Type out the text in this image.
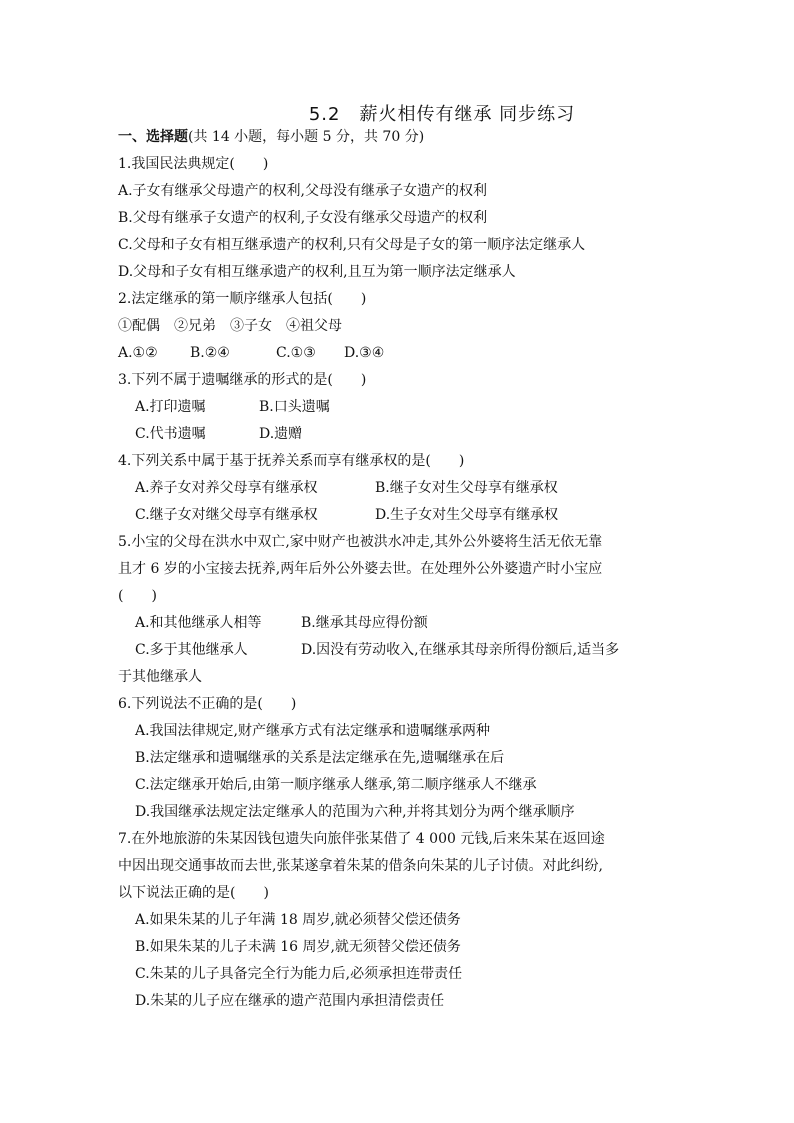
5.2　薪火相传有继承 同步练习
一、选择题(共 14 小题，每小题 5 分，共 70 分)
1.我国民法典规定(　　)
A.子女有继承父母遗产的权利,父母没有继承子女遗产的权利
B.父母有继承子女遗产的权利,子女没有继承父母遗产的权利
C.父母和子女有相互继承遗产的权利,只有父母是子女的第一顺序法定继承人
D.父母和子女有相互继承遗产的权利,且互为第一顺序法定继承人
2.法定继承的第一顺序继承人包括(　　)
①配偶　②兄弟　③子女　④祖父母
A.①② B.②④	C.①③ D.③④
3.下列不属于遗嘱继承的形式的是(　　)
A.打印遗嘱	B.口头遗嘱
C.代书遗嘱	D.遗赠
4.下列关系中属于基于抚养关系而享有继承权的是(　　)
A.养子女对养父母享有继承权	B.继子女对生父母享有继承权
C.继子女对继父母享有继承权	D.生子女对生父母享有继承权
5.小宝的父母在洪水中双亡,家中财产也被洪水冲走,其外公外婆将生活无依无靠
且才 6 岁的小宝接去抚养,两年后外公外婆去世。在处理外公外婆遗产时小宝应
(　　)
A.和其他继承人相等	B.继承其母应得份额
C.多于其他继承人	D.因没有劳动收入,在继承其母亲所得份额后,适当多
于其他继承人
6.下列说法不正确的是(　　)
A.我国法律规定,财产继承方式有法定继承和遗嘱继承两种
B.法定继承和遗嘱继承的关系是法定继承在先,遗嘱继承在后
C.法定继承开始后,由第一顺序继承人继承,第二顺序继承人不继承
D.我国继承法规定法定继承人的范围为六种,并将其划分为两个继承顺序
7.在外地旅游的朱某因钱包遗失向旅伴张某借了 4 000 元钱,后来朱某在返回途
中因出现交通事故而去世,张某遂拿着朱某的借条向朱某的儿子讨债。对此纠纷,
以下说法正确的是(　　)
A.如果朱某的儿子年满 18 周岁,就必须替父偿还债务
B.如果朱某的儿子未满 16 周岁,就无须替父偿还债务
C.朱某的儿子具备完全行为能力后,必须承担连带责任
D.朱某的儿子应在继承的遗产范围内承担清偿责任
